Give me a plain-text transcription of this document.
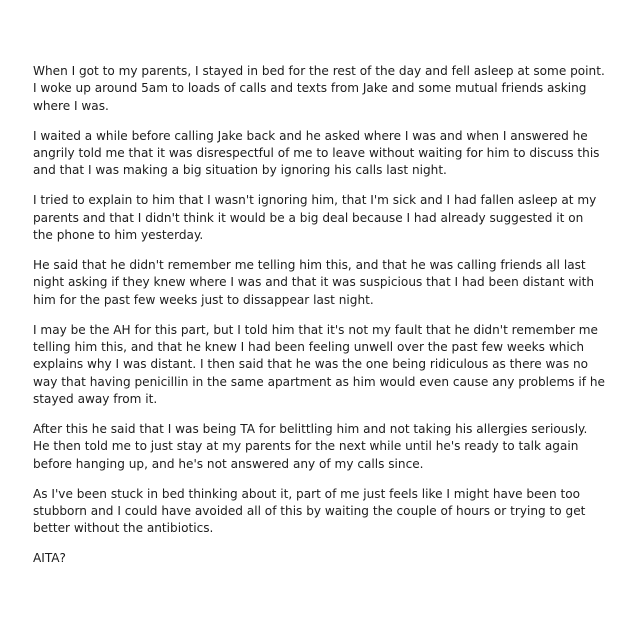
When I got to my parents, I stayed in bed for the rest of the day and fell asleep at some point. I woke up around 5am to loads of calls and texts from Jake and some mutual friends asking where I was.

I waited a while before calling Jake back and he asked where I was and when I answered he angrily told me that it was disrespectful of me to leave without waiting for him to discuss this and that I was making a big situation by ignoring his calls last night.

I tried to explain to him that I wasn't ignoring him, that I'm sick and I had fallen asleep at my parents and that I didn't think it would be a big deal because I had already suggested it on the phone to him yesterday.

He said that he didn't remember me telling him this, and that he was calling friends all last night asking if they knew where I was and that it was suspicious that I had been distant with him for the past few weeks just to dissappear last night.

I may be the AH for this part, but I told him that it's not my fault that he didn't remember me telling him this, and that he knew I had been feeling unwell over the past few weeks which explains why I was distant. I then said that he was the one being ridiculous as there was no way that having penicillin in the same apartment as him would even cause any problems if he stayed away from it.

After this he said that I was being TA for belittling him and not taking his allergies seriously. He then told me to just stay at my parents for the next while until he's ready to talk again before hanging up, and he's not answered any of my calls since.

As I've been stuck in bed thinking about it, part of me just feels like I might have been too stubborn and I could have avoided all of this by waiting the couple of hours or trying to get better without the antibiotics.

AITA?
